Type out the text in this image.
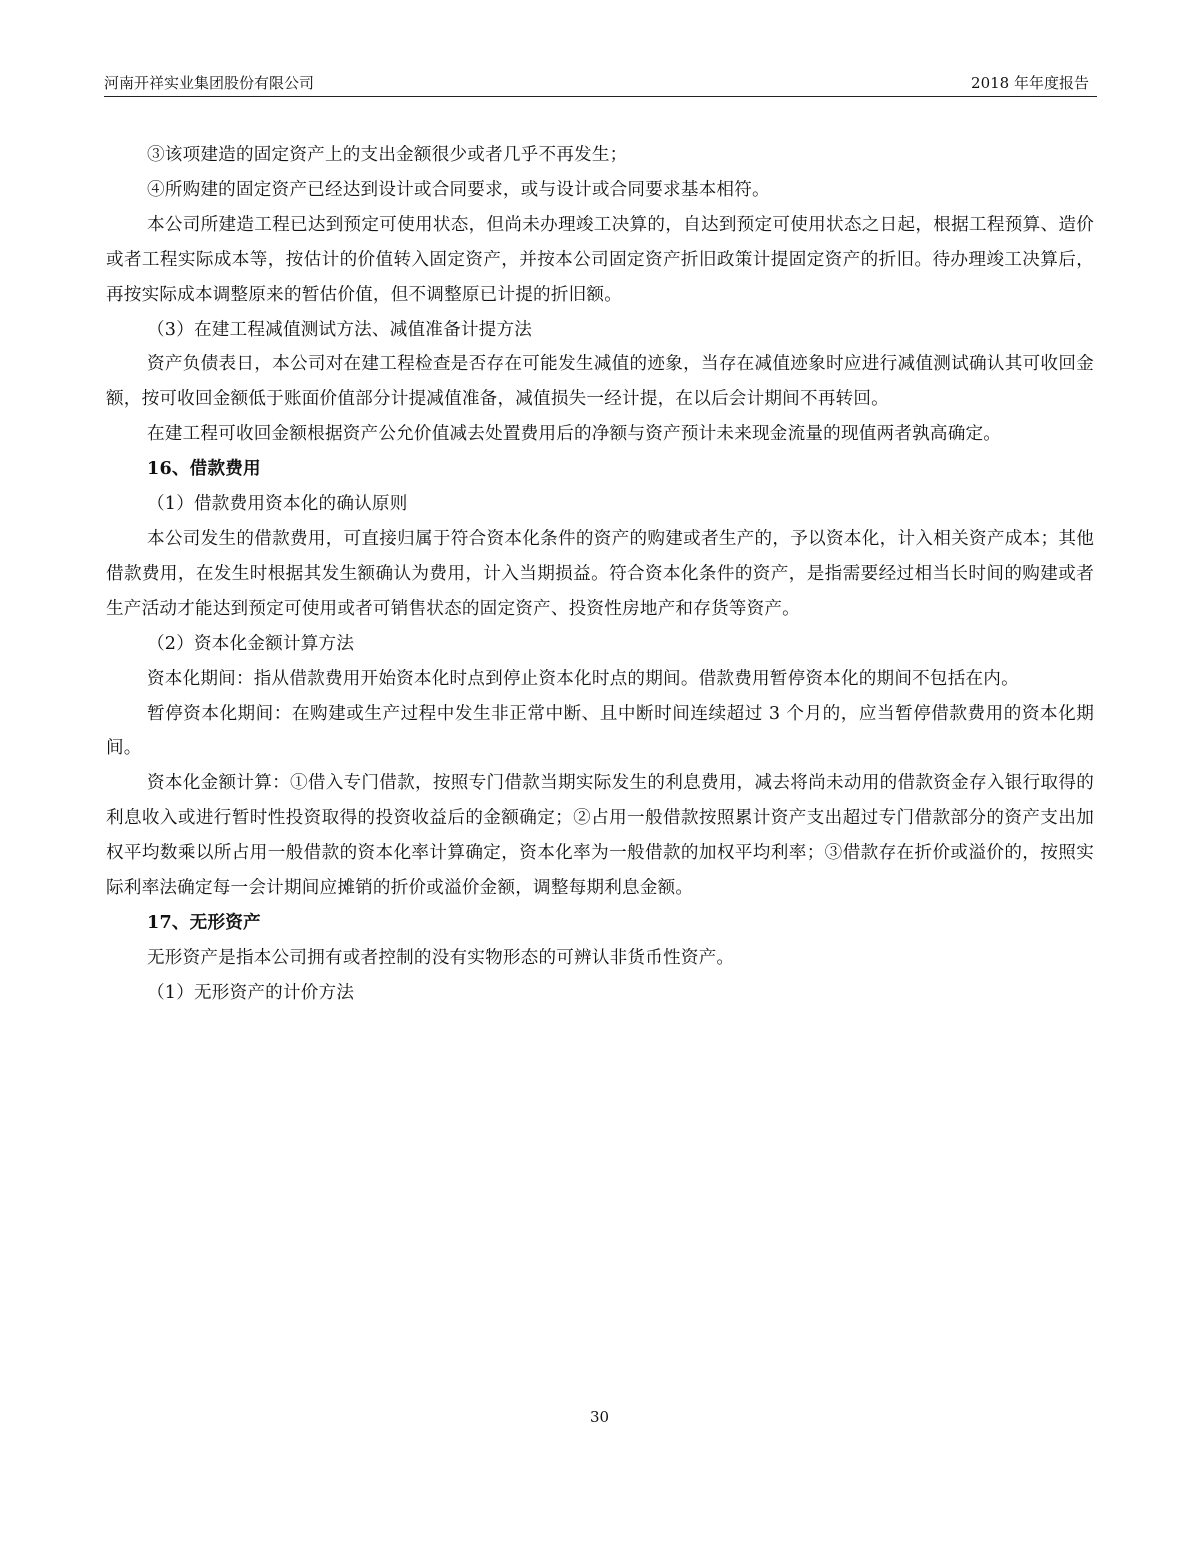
河南开祥实业集团股份有限公司	2018 年年度报告

③该项建造的固定资产上的支出金额很少或者几乎不再发生；

④所购建的固定资产已经达到设计或合同要求，或与设计或合同要求基本相符。

本公司所建造工程已达到预定可使用状态，但尚未办理竣工决算的，自达到预定可使用状态之日起，根据工程预算、造价或者工程实际成本等，按估计的价值转入固定资产，并按本公司固定资产折旧政策计提固定资产的折旧。待办理竣工决算后，再按实际成本调整原来的暂估价值，但不调整原已计提的折旧额。

（3）在建工程减值测试方法、减值准备计提方法

资产负债表日，本公司对在建工程检查是否存在可能发生减值的迹象，当存在减值迹象时应进行减值测试确认其可收回金额，按可收回金额低于账面价值部分计提减值准备，减值损失一经计提，在以后会计期间不再转回。

在建工程可收回金额根据资产公允价值减去处置费用后的净额与资产预计未来现金流量的现值两者孰高确定。

16、借款费用

（1）借款费用资本化的确认原则

本公司发生的借款费用，可直接归属于符合资本化条件的资产的购建或者生产的，予以资本化，计入相关资产成本；其他借款费用，在发生时根据其发生额确认为费用，计入当期损益。符合资本化条件的资产，是指需要经过相当长时间的购建或者生产活动才能达到预定可使用或者可销售状态的固定资产、投资性房地产和存货等资产。

（2）资本化金额计算方法

资本化期间：指从借款费用开始资本化时点到停止资本化时点的期间。借款费用暂停资本化的期间不包括在内。

暂停资本化期间：在购建或生产过程中发生非正常中断、且中断时间连续超过 3 个月的，应当暂停借款费用的资本化期间。

资本化金额计算：①借入专门借款，按照专门借款当期实际发生的利息费用，减去将尚未动用的借款资金存入银行取得的利息收入或进行暂时性投资取得的投资收益后的金额确定；②占用一般借款按照累计资产支出超过专门借款部分的资产支出加权平均数乘以所占用一般借款的资本化率计算确定，资本化率为一般借款的加权平均利率；③借款存在折价或溢价的，按照实际利率法确定每一会计期间应摊销的折价或溢价金额，调整每期利息金额。

17、无形资产

无形资产是指本公司拥有或者控制的没有实物形态的可辨认非货币性资产。

（1）无形资产的计价方法

30
